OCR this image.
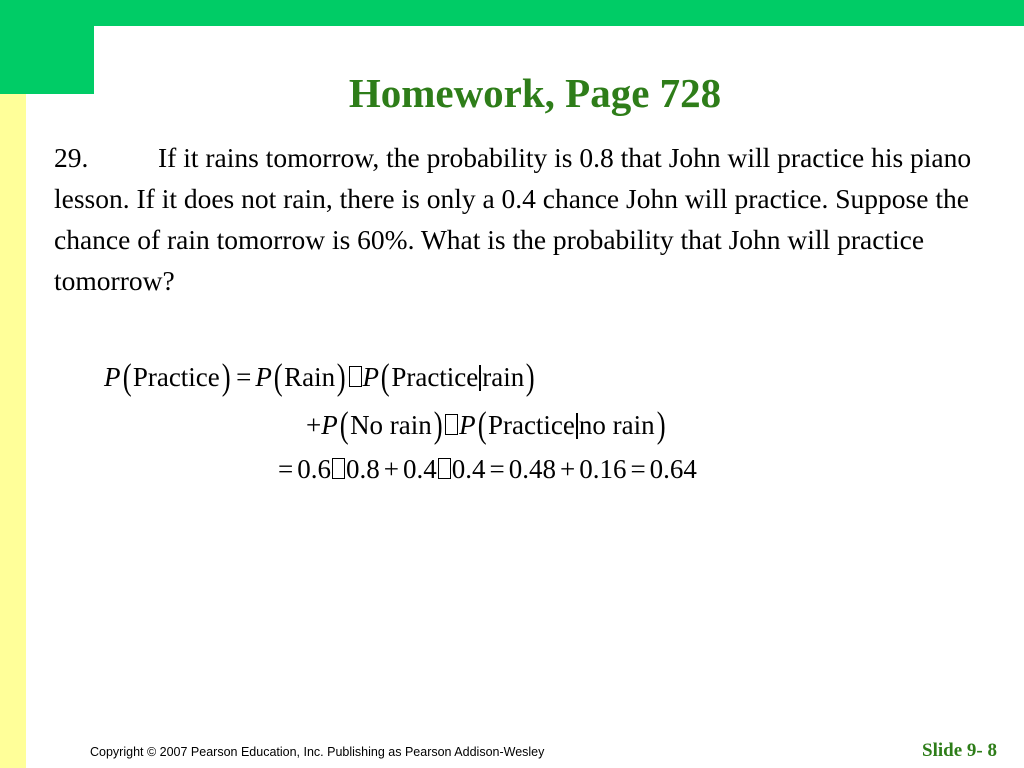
Homework, Page 728
29.	If it rains tomorrow, the probability is 0.8 that John will practice his piano lesson. If it does not rain, there is only a 0.4 chance John will practice. Suppose the chance of rain tomorrow is 60%. What is the probability that John will practice tomorrow?
P(Practice) = P(Rain) P(Practice rain)
+P(No rain) P(Practice no rain)
= 0.6 0.8 + 0.4 0.4 = 0.48 + 0.16 = 0.64
Copyright © 2007 Pearson Education, Inc. Publishing as Pearson Addison-Wesley	Slide 9- 8
